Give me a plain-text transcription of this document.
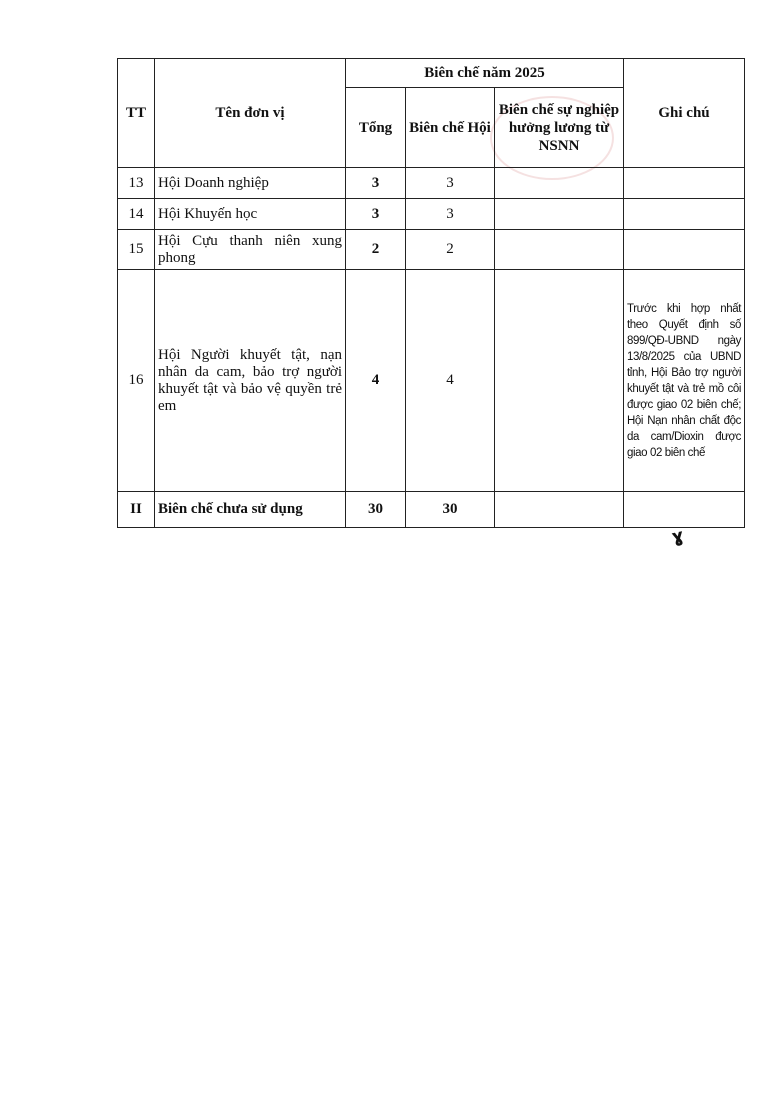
TT	Tên đơn vị	Biên chế năm 2025			Ghi chú
		Tổng	Biên chế Hội	Biên chế sự nghiệp hưởng lương từ NSNN	
13	Hội Doanh nghiệp	3	3		
14	Hội Khuyến học	3	3		
15	Hội Cựu thanh niên xung phong	2	2		
16	Hội Người khuyết tật, nạn nhân da cam, bảo trợ người khuyết tật và bảo vệ quyền trẻ em	4	4		Trước khi hợp nhất theo Quyết định số 899/QĐ-UBND ngày 13/8/2025 của UBND tỉnh, Hội Bảo trợ người khuyết tật và trẻ mồ côi được giao 02 biên chế; Hội Nạn nhân chất độc da cam/Dioxin được giao 02 biên chế
II	Biên chế chưa sử dụng	30	30		
ɣ
